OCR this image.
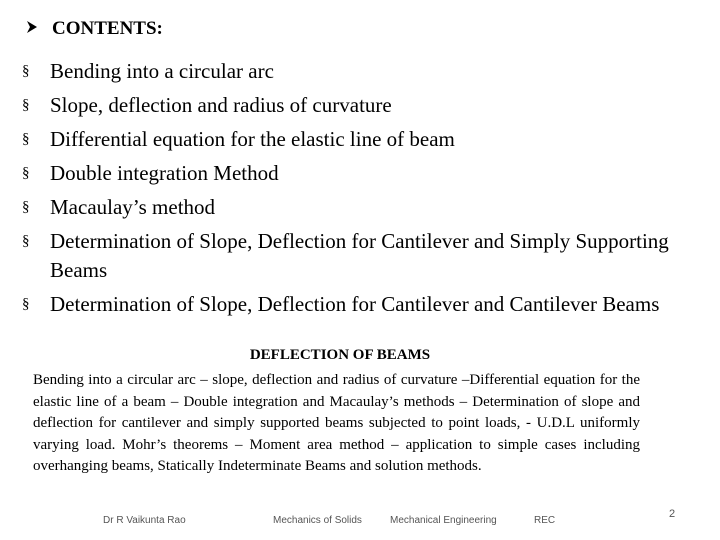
CONTENTS:
§ Bending into a circular arc
§ Slope, deflection and radius of curvature
§ Differential equation for the elastic line of beam
§ Double integration Method
§ Macaulay’s method
§ Determination of Slope, Deflection for Cantilever and Simply Supporting Beams
§ Determination of Slope, Deflection for Cantilever and Cantilever Beams
DEFLECTION OF BEAMS
Bending into a circular arc – slope, deflection and radius of curvature –Differential equation for the elastic line of a beam – Double integration and Macaulay’s methods – Determination of slope and deflection for cantilever and simply supported beams subjected to point loads, - U.D.L uniformly varying load. Mohr’s theorems – Moment area method – application to simple cases including overhanging beams, Statically Indeterminate Beams and solution methods.
Dr R Vaikunta Rao	Mechanics of Solids	Mechanical Engineering	REC
2
